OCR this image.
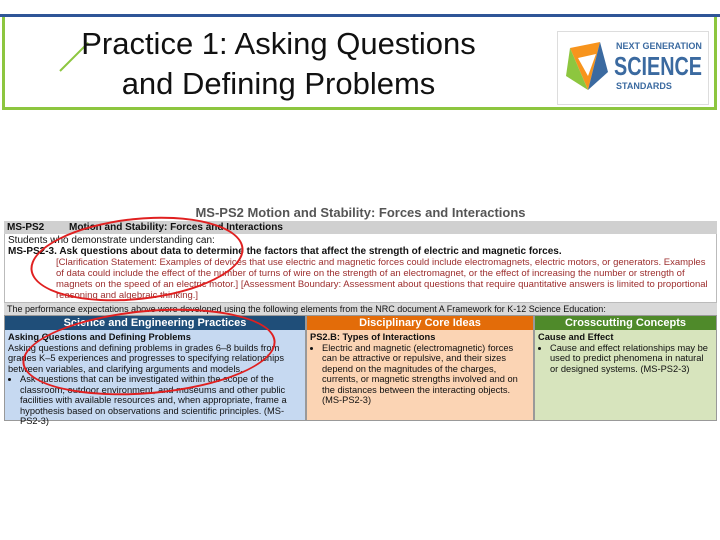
Practice 1: Asking Questions
and Defining Problems
NEXT GENERATION
SCIENCE
STANDARDS
MS-PS2 Motion and Stability: Forces and Interactions
MS-PS2 Motion and Stability: Forces and Interactions
Students who demonstrate understanding can:
MS-PS2-3. Ask questions about data to determine the factors that affect the strength of electric and magnetic forces.
[Clarification Statement: Examples of devices that use electric and magnetic forces could include electromagnets, electric motors, or generators. Examples of data could include the effect of the number of turns of wire on the strength of an electromagnet, or the effect of increasing the number or strength of magnets on the speed of an electric motor.] [Assessment Boundary: Assessment about questions that require quantitative answers is limited to proportional reasoning and algebraic thinking.]
The performance expectations above were developed using the following elements from the NRC document A Framework for K-12 Science Education:
Science and Engineering Practices
Asking Questions and Defining Problems
Asking questions and defining problems in grades 6–8 builds from grades K–5 experiences and progresses to specifying relationships between variables, and clarifying arguments and models.
• Ask questions that can be investigated within the scope of the classroom, outdoor environment, and museums and other public facilities with available resources and, when appropriate, frame a hypothesis based on observations and scientific principles. (MS-PS2-3)
Disciplinary Core Ideas
PS2.B: Types of Interactions
• Electric and magnetic (electromagnetic) forces can be attractive or repulsive, and their sizes depend on the magnitudes of the charges, currents, or magnetic strengths involved and on the distances between the interacting objects. (MS-PS2-3)
Crosscutting Concepts
Cause and Effect
• Cause and effect relationships may be used to predict phenomena in natural or designed systems. (MS-PS2-3)
